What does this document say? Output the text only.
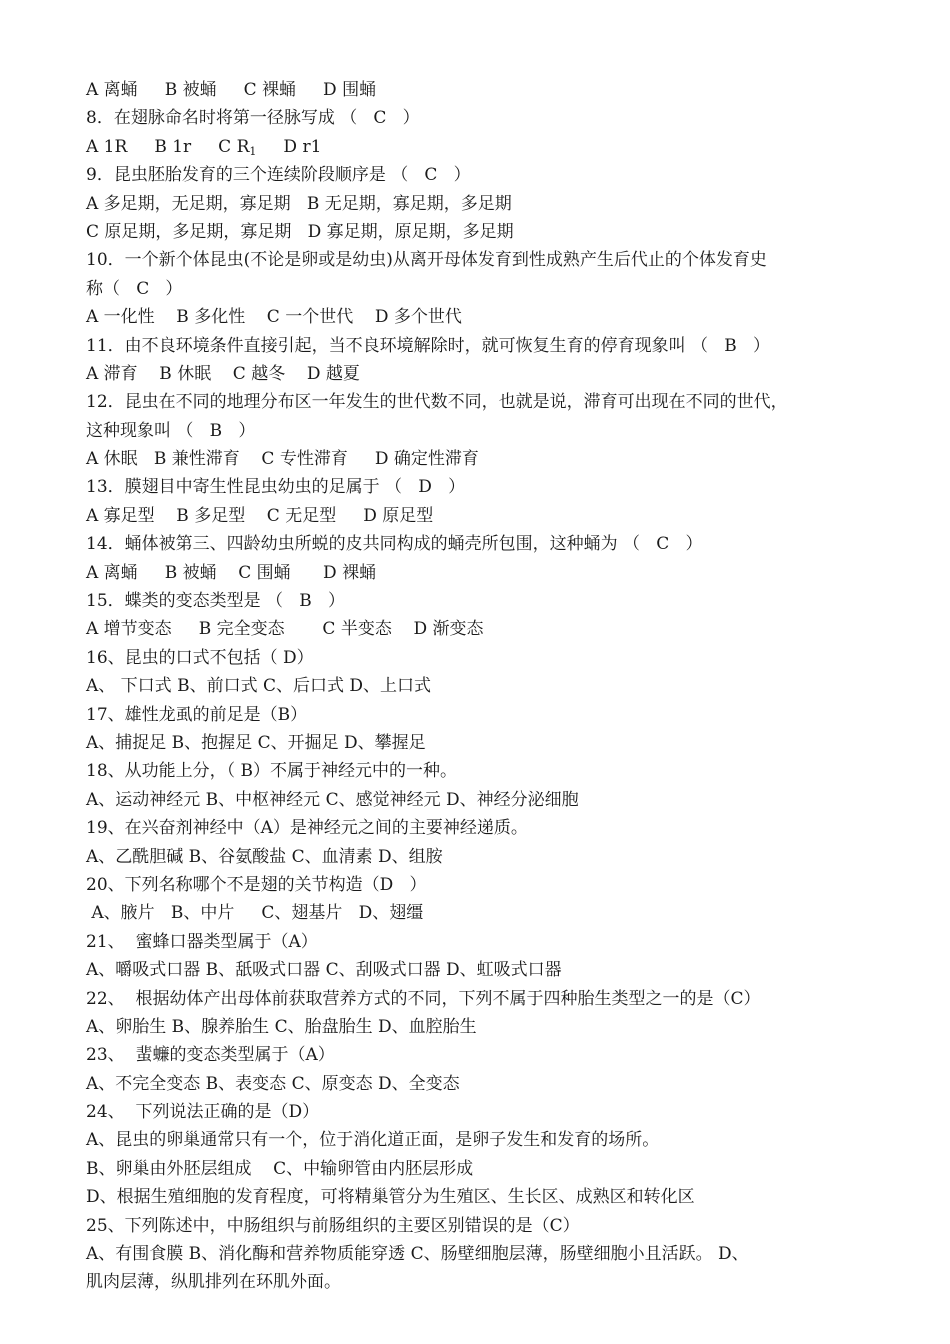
A 离蛹     B 被蛹     C 裸蛹     D 围蛹
8．在翅脉命名时将第一径脉写成 （   C   ）
A 1R     B 1r     C $R_1$     D r1
9．昆虫胚胎发育的三个连续阶段顺序是 （   C   ）
A 多足期，无足期，寡足期   B 无足期，寡足期，多足期
C 原足期，多足期，寡足期   D 寡足期，原足期，多足期
10．一个新个体昆虫(不论是卵或是幼虫)从离开母体发育到性成熟产生后代止的个体发育史
称（   C   ）
A 一化性    B 多化性    C 一个世代    D 多个世代
11．由不良环境条件直接引起，当不良环境解除时，就可恢复生育的停育现象叫 （   B   ）
A 滞育    B 休眠    C 越冬    D 越夏
12．昆虫在不同的地理分布区一年发生的世代数不同，也就是说，滞育可出现在不同的世代，
这种现象叫 （   B   ）
A 休眠   B 兼性滞育    C 专性滞育     D 确定性滞育
13．膜翅目中寄生性昆虫幼虫的足属于 （   D   ）
A 寡足型    B 多足型    C 无足型     D 原足型
14．蛹体被第三、四龄幼虫所蜕的皮共同构成的蛹壳所包围，这种蛹为 （   C   ）
A 离蛹     B 被蛹    C 围蛹      D 裸蛹
15．蝶类的变态类型是 （   B   ）
A 增节变态     B 完全变态       C 半变态    D 渐变态
16、昆虫的口式不包括（ D）
A、 下口式 B、前口式 C、后口式 D、上口式
17、雄性龙虱的前足是（B）
A、捕捉足 B、抱握足 C、开掘足 D、攀握足
18、从功能上分，（ B）不属于神经元中的一种。
A、运动神经元 B、中枢神经元 C、感觉神经元 D、神经分泌细胞
19、在兴奋剂神经中（A）是神经元之间的主要神经递质。
A、乙酰胆碱 B、谷氨酸盐 C、血清素 D、组胺
20、下列名称哪个不是翅的关节构造（D   ）
A、腋片   B、中片     C、翅基片   D、翅缰
21、  蜜蜂口器类型属于（A）
A、嚼吸式口器 B、舐吸式口器 C、刮吸式口器 D、虹吸式口器
22、  根据幼体产出母体前获取营养方式的不同，下列不属于四种胎生类型之一的是（C）
A、卵胎生 B、腺养胎生 C、胎盘胎生 D、血腔胎生
23、  蜚蠊的变态类型属于（A）
A、不完全变态 B、表变态 C、原变态 D、全变态
24、  下列说法正确的是（D）
A、昆虫的卵巢通常只有一个，位于消化道正面，是卵子发生和发育的场所。
B、卵巢由外胚层组成    C、中输卵管由内胚层形成
D、根据生殖细胞的发育程度，可将精巢管分为生殖区、生长区、成熟区和转化区
25、下列陈述中，中肠组织与前肠组织的主要区别错误的是（C）
A、有围食膜 B、消化酶和营养物质能穿透 C、肠壁细胞层薄，肠壁细胞小且活跃。 D、
肌肉层薄，纵肌排列在环肌外面。
